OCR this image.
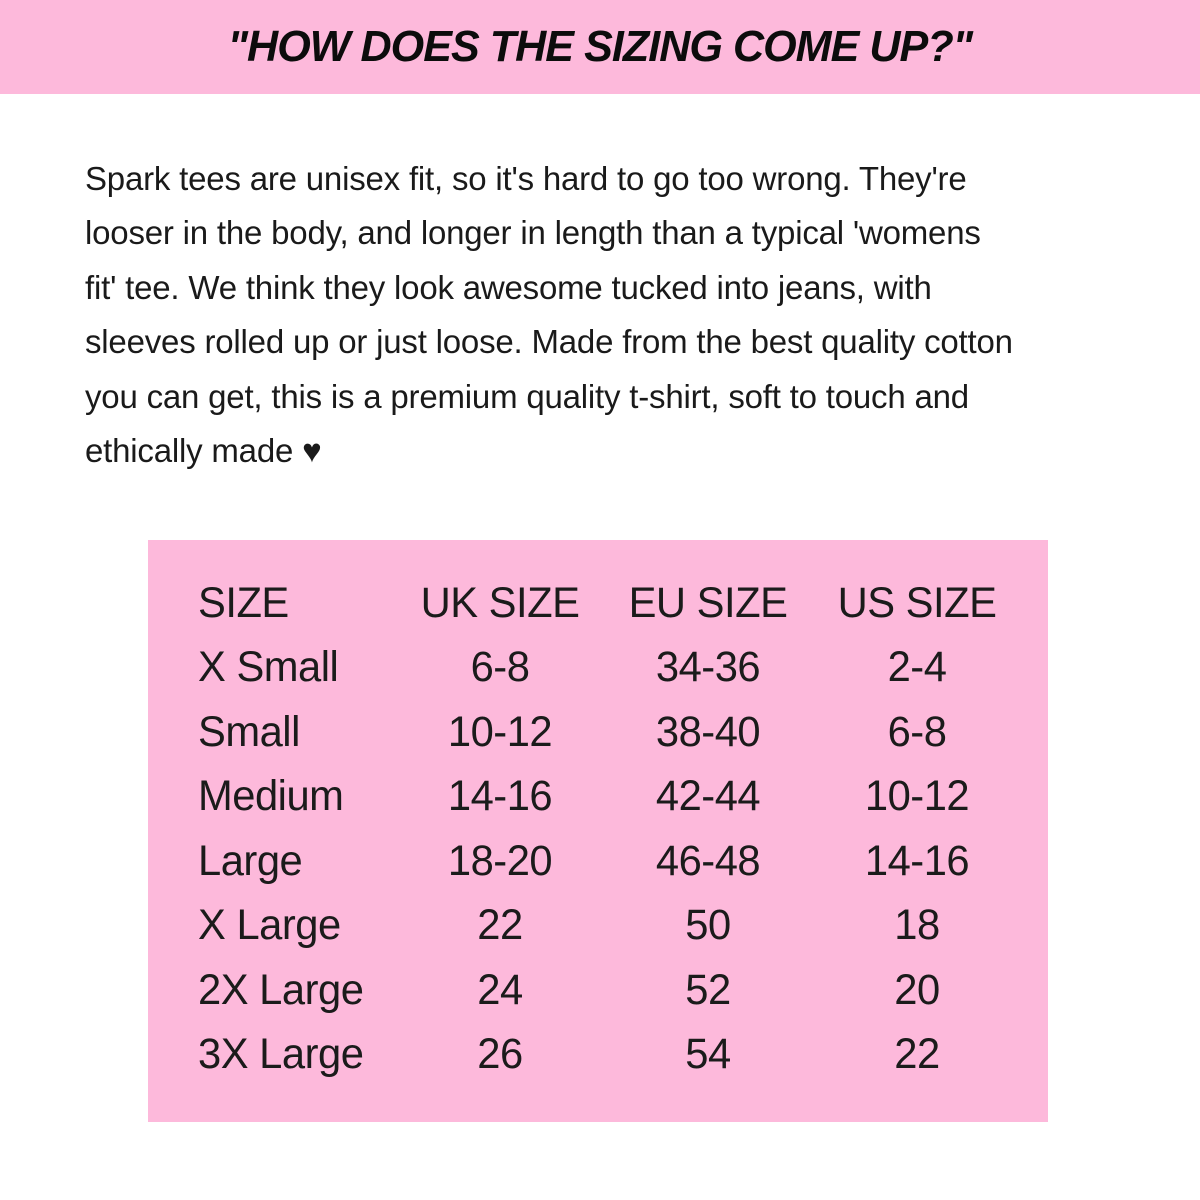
"HOW DOES THE SIZING COME UP?"

Spark tees are unisex fit, so it's hard to go too wrong. They're

looser in the body, and longer in length than a typical 'womens

fit' tee. We think they look awesome tucked into jeans, with

sleeves rolled up or just loose. Made from the best quality cotton

you can get, this is a premium quality t-shirt, soft to touch and

ethically made ♥

SIZE	UK SIZE	EU SIZE	US SIZE
X Small	6-8	34-36	2-4
Small	10-12	38-40	6-8
Medium	14-16	42-44	10-12
Large	18-20	46-48	14-16
X Large	22	50	18
2X Large	24	52	20
3X Large	26	54	22
